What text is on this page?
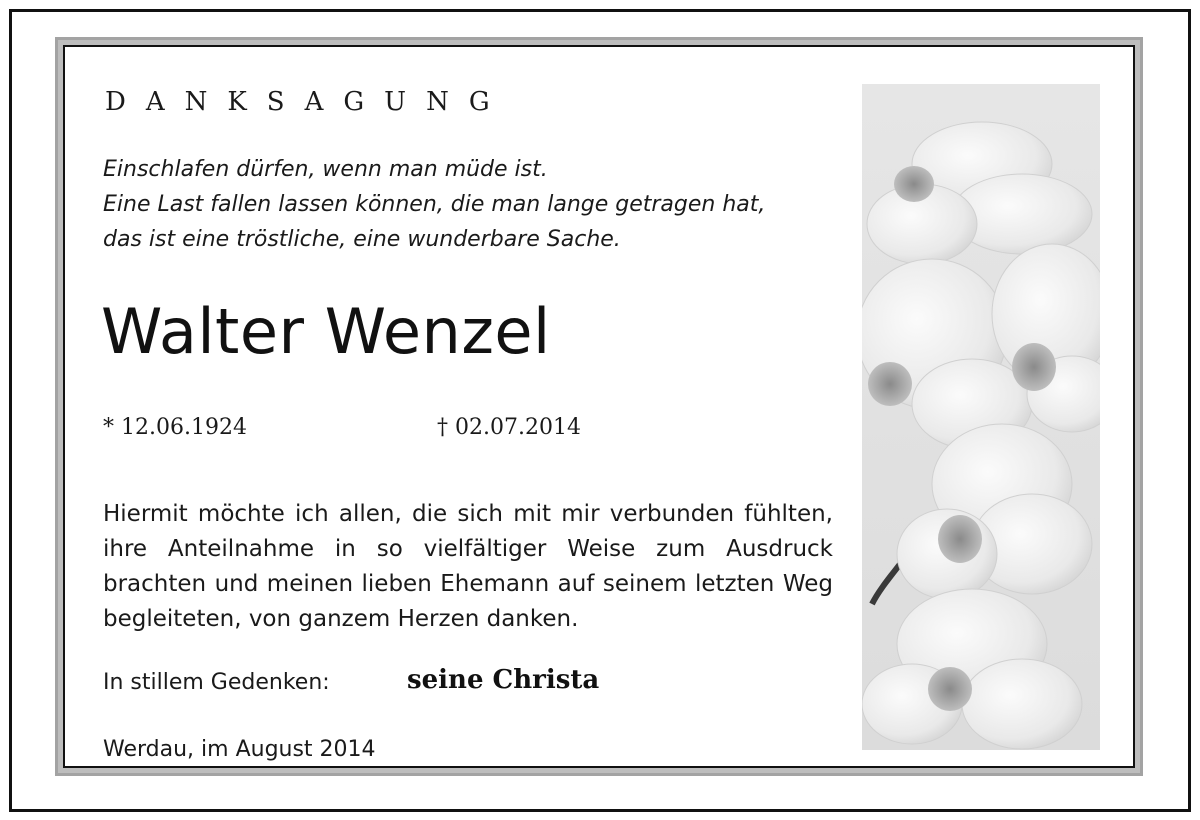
DANKSAGUNG
Einschlafen dürfen, wenn man müde ist.
Eine Last fallen lassen können, die man lange getragen hat,
das ist eine tröstliche, eine wunderbare Sache.
Walter Wenzel
* 12.06.1924	† 02.07.2014
Hiermit möchte ich allen, die sich mit mir verbunden fühlten, ihre Anteilnahme in so vielfältiger Weise zum Ausdruck brachten und meinen lieben Ehemann auf seinem letzten Weg begleiteten, von ganzem Herzen danken.
In stillem Gedenken:	seine Christa
Werdau, im August 2014
